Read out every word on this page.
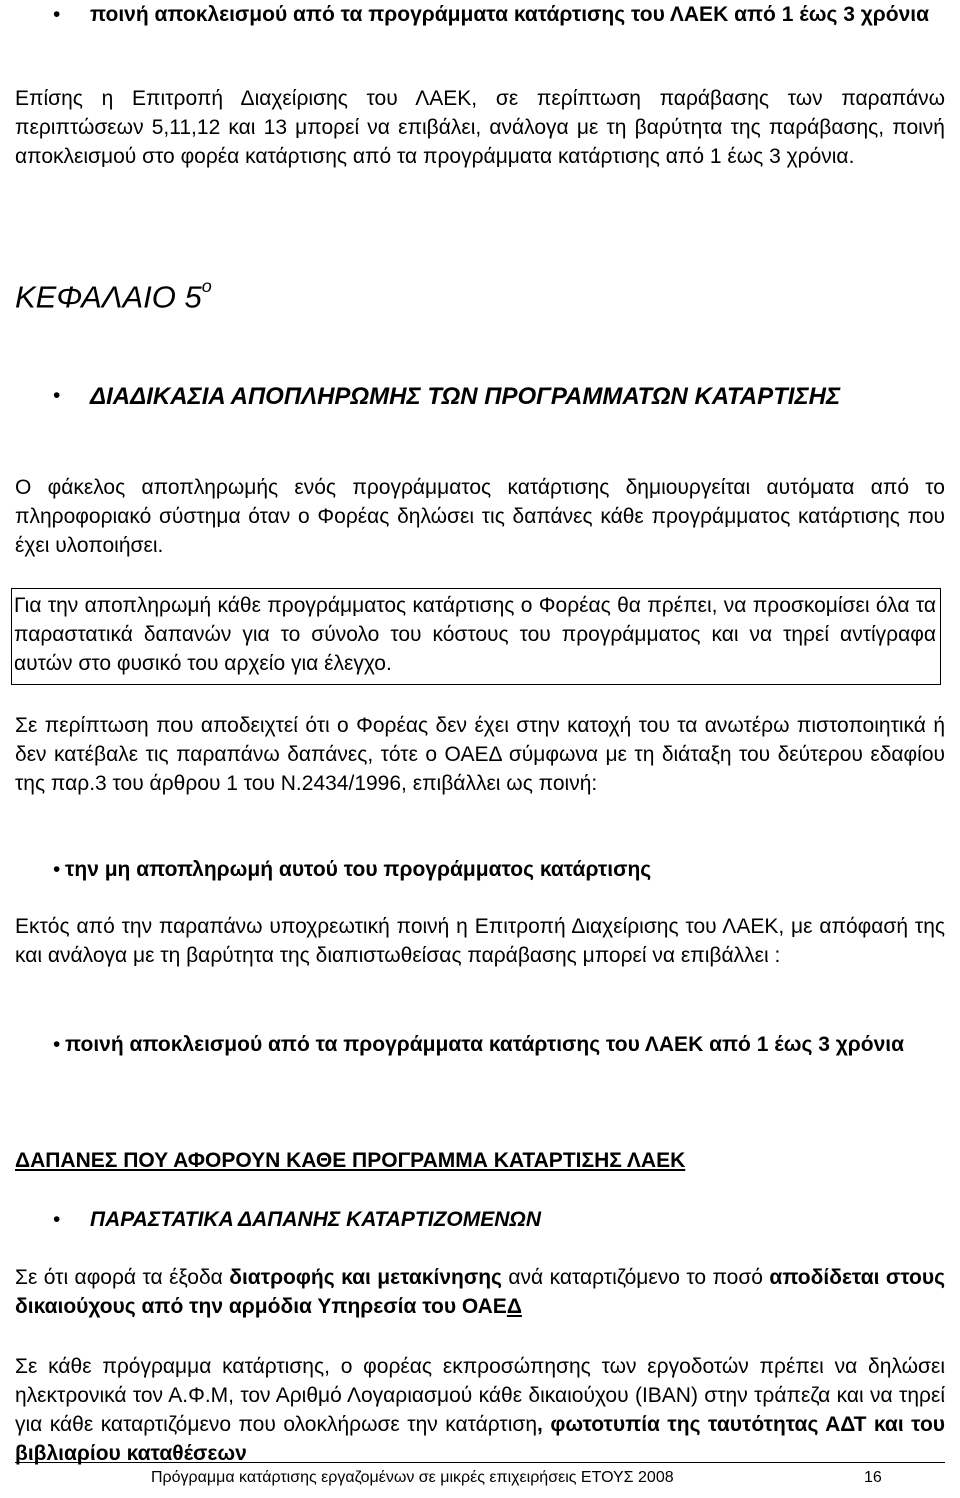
• ποινή αποκλεισμού από τα προγράμματα κατάρτισης του ΛΑΕΚ από 1 έως 3 χρόνια

Επίσης η Επιτροπή Διαχείρισης του ΛΑΕΚ, σε περίπτωση παράβασης των παραπάνω περιπτώσεων 5,11,12 και 13 μπορεί να επιβάλει, ανάλογα με τη βαρύτητα της παράβασης, ποινή αποκλεισμού στο φορέα κατάρτισης από τα προγράμματα κατάρτισης από 1 έως 3 χρόνια.

ΚΕΦΑΛΑΙΟ $5^o$
• ΔΙΑΔΙΚΑΣΙΑ ΑΠΟΠΛΗΡΩΜΗΣ ΤΩΝ ΠΡΟΓΡΑΜΜΑΤΩΝ ΚΑΤΑΡΤΙΣΗΣ

Ο φάκελος αποπληρωμής ενός προγράμματος κατάρτισης δημιουργείται αυτόματα από το πληροφοριακό σύστημα όταν ο Φορέας δηλώσει τις δαπάνες κάθε προγράμματος κατάρτισης που έχει υλοποιήσει.

Για την αποπληρωμή κάθε προγράμματος κατάρτισης ο Φορέας θα πρέπει, να προσκομίσει όλα τα παραστατικά δαπανών για το σύνολο του κόστους του προγράμματος και να τηρεί αντίγραφα αυτών στο φυσικό του αρχείο για έλεγχο.

Σε περίπτωση που αποδειχτεί ότι ο Φορέας δεν έχει στην κατοχή του τα ανωτέρω πιστοποιητικά ή δεν κατέβαλε τις παραπάνω δαπάνες, τότε ο ΟΑΕΔ σύμφωνα με τη διάταξη του δεύτερου εδαφίου της παρ.3 του άρθρου 1 του Ν.2434/1996, επιβάλλει ως ποινή:

• την μη αποπληρωμή αυτού του προγράμματος κατάρτισης

Εκτός από την παραπάνω υποχρεωτική ποινή η Επιτροπή Διαχείρισης του ΛΑΕΚ, με απόφασή της και ανάλογα με τη βαρύτητα της διαπιστωθείσας παράβασης μπορεί να επιβάλλει :

• ποινή αποκλεισμού από τα προγράμματα κατάρτισης του ΛΑΕΚ από 1 έως 3 χρόνια
ΔΑΠΑΝΕΣ ΠΟΥ ΑΦΟΡΟΥΝ ΚΑΘΕ ΠΡΟΓΡΑΜΜΑ ΚΑΤΑΡΤΙΣΗΣ ΛΑΕΚ
• ΠΑΡΑΣΤΑΤΙΚΑ ΔΑΠΑΝΗΣ ΚΑΤΑΡΤΙΖΟΜΕΝΩΝ

Σε ότι αφορά τα έξοδα διατροφής και μετακίνησης ανά καταρτιζόμενο το ποσό αποδίδεται στους δικαιούχους από την αρμόδια Υπηρεσία του ΟΑΕΔ

Σε κάθε πρόγραμμα κατάρτισης, ο φορέας εκπροσώπησης των εργοδοτών πρέπει να δηλώσει ηλεκτρονικά τον Α.Φ.Μ, τον Αριθμό Λογαριασμού κάθε δικαιούχου (IBAN) στην τράπεζα και να τηρεί για κάθε καταρτιζόμενο που ολοκλήρωσε την κατάρτιση, φωτοτυπία της ταυτότητας ΑΔΤ και του βιβλιαρίου καταθέσεων

Πρόγραμμα κατάρτισης εργαζομένων σε μικρές επιχειρήσεις ΕΤΟΥΣ 2008	16
